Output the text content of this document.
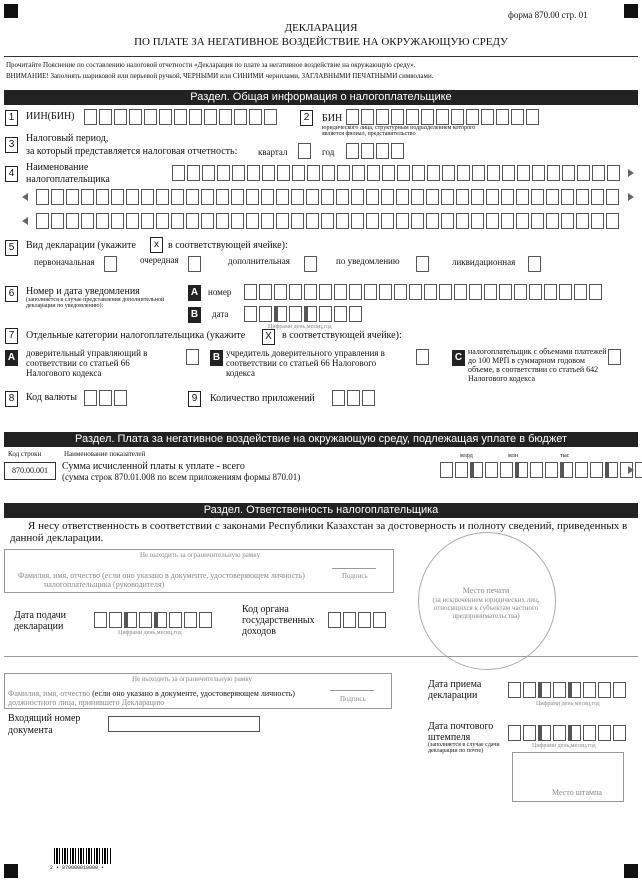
форма 870.00 стр. 01
ДЕКЛАРАЦИЯ
ПО ПЛАТЕ ЗА НЕГАТИВНОЕ ВОЗДЕЙСТВИЕ НА ОКРУЖАЮЩУЮ СРЕДУ
Прочитайте Пояснение по составлению налоговой отчетности «Декларация по плате за негативное воздействие на окружающую среду».
ВНИМАНИЕ! Заполнять шариковой или перьевой ручкой, ЧЕРНЫМИ или СИНИМИ чернилами, ЗАГЛАВНЫМИ ПЕЧАТНЫМИ символами.
Раздел. Общая информация о налогоплательщике
1	ИИН(БИН)	2	БИН
юридического лица, структурным подразделением которого является филиал, представительство
3
Налоговый период,
за который представляется налоговая отчетность: квартал	год
4
Наименование
налогоплательщика
5	Вид декларации (укажите	x в соответствующей ячейке):
первоначальная	очередная	дополнительная	по уведомлению	ликвидационная
6	Номер и дата уведомления
(заполняется в случае представления дополнительной декларации по уведомлению):
A	номер
B	дата
Цифрами день,месяц,год
7	Отдельные категории налогоплательщика (укажите	X	в соответствующей ячейке):
A	доверительный управляющий в соответствии со статьей 66 Налогового кодекса
B учредитель доверительного управления в соответствии со статьей 66 Налогового кодекса
C
налогоплательщик с объемами платежей до 100 МРП в суммарном годовом объеме, в соответствии со статьей 642 Налогового кодекса
8	Код валюты	9	Количество приложений
Раздел. Плата за негативное воздействие на окружающую среду, подлежащая уплате в бюджет
Код строки	Наименование показателей	млрд	млн	тыс
870.00.001	Сумма исчисленной платы к уплате - всего
(сумма строк 870.01.008 по всем приложениям формы 870.01)
Раздел. Ответственность налогоплательщика
Я несу ответственность в соответствии с законами Республики Казахстан за достоверность и полноту сведений, приведенных в данной декларации.
Не выходить за ограничительную рамку
Фамилия, имя, отчество (если оно указано в документе, удостоверяющем личность)
налогоплательщика (руководителя)
Подпись
Место печати
(за исключением юридических лиц, относящихся к субъектам частного предпринимательства)
Дата подачи
декларации
Цифрами день,месяц,год
Код органа
государственных
доходов
Не выходить за ограничительную рамку
Фамилия, имя, отчество (если оно указано в документе, удостоверяющем личность)
должностного лица, принявшего Декларацию	Подпись
Входящий номер
документа
Дата приема
декларации
Цифрами день,месяц,год
Дата почтового
штемпеля
(заполняется в случае сдачи декларации по почте)
Цифрами день,месяц,год
Место штампа
2 • 870000010000 •
